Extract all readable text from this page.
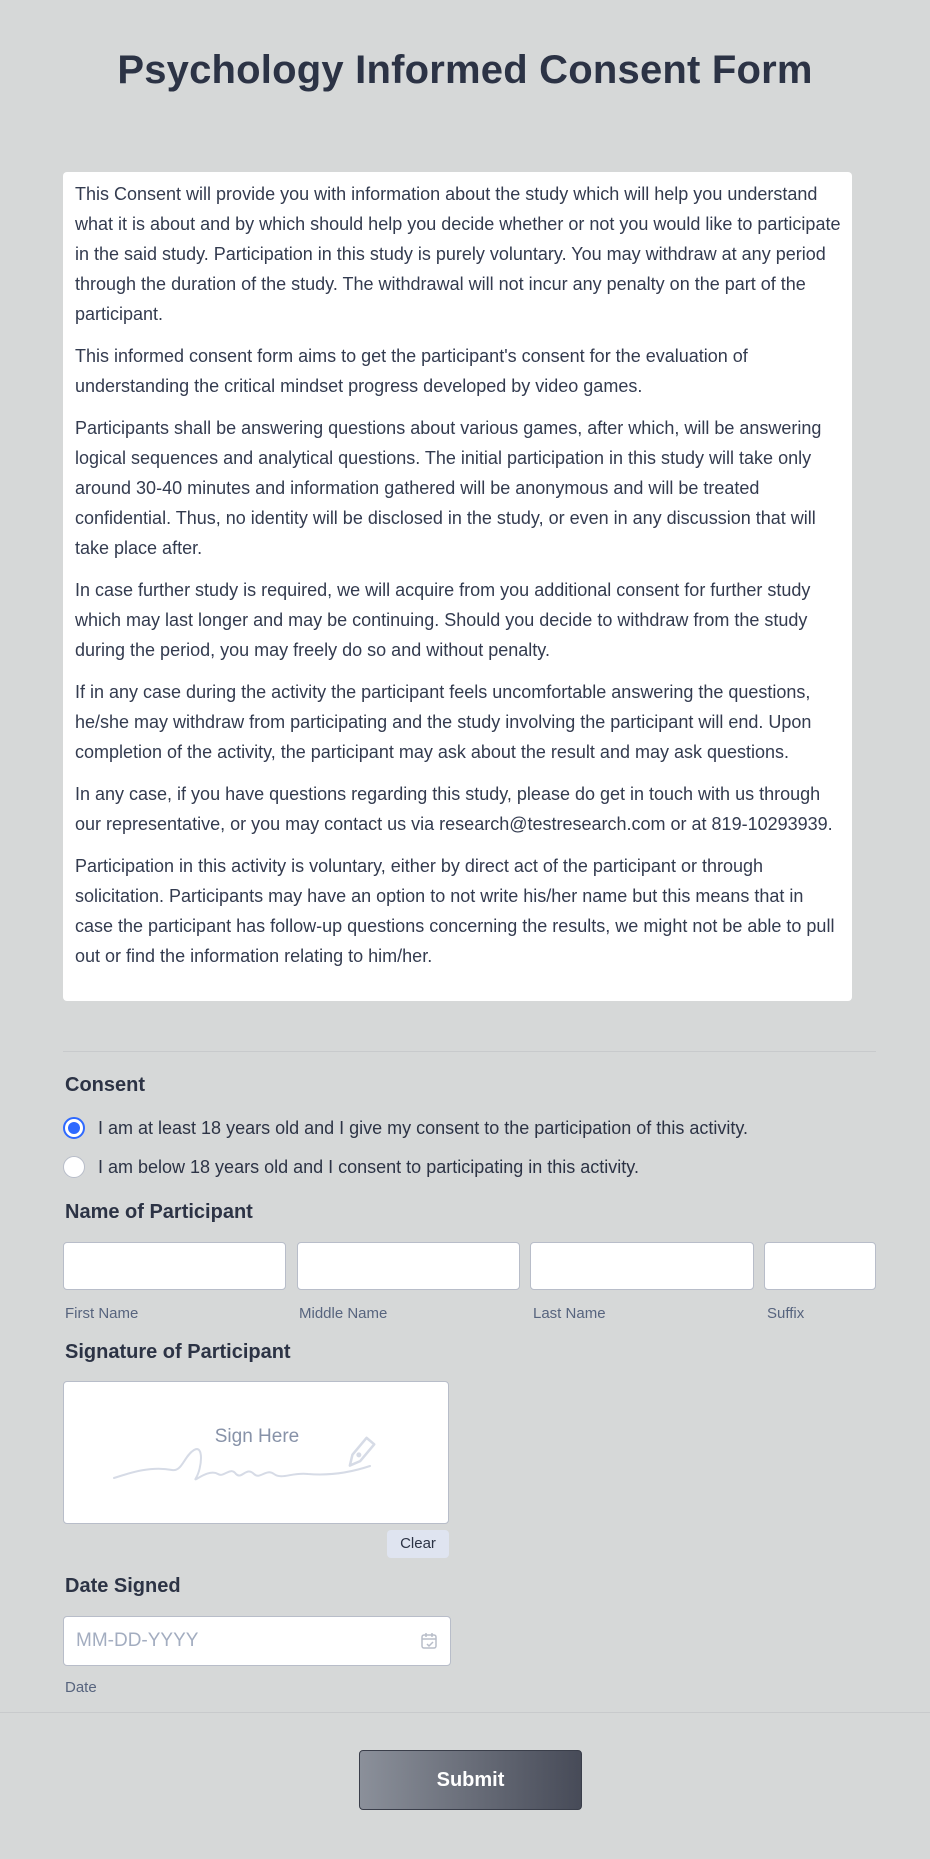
Psychology Informed Consent Form

This Consent will provide you with information about the study which will help you understand what it is about and by which should help you decide whether or not you would like to participate in the said study. Participation in this study is purely voluntary. You may withdraw at any period through the duration of the study. The withdrawal will not incur any penalty on the part of the participant.

This informed consent form aims to get the participant's consent for the evaluation of understanding the critical mindset progress developed by video games.

Participants shall be answering questions about various games, after which, will be answering logical sequences and analytical questions. The initial participation in this study will take only around 30-40 minutes and information gathered will be anonymous and will be treated confidential. Thus, no identity will be disclosed in the study, or even in any discussion that will take place after.

In case further study is required, we will acquire from you additional consent for further study which may last longer and may be continuing. Should you decide to withdraw from the study during the period, you may freely do so and without penalty.

If in any case during the activity the participant feels uncomfortable answering the questions, he/she may withdraw from participating and the study involving the participant will end. Upon completion of the activity, the participant may ask about the result and may ask questions.

In any case, if you have questions regarding this study, please do get in touch with us through our representative, or you may contact us via research@testresearch.com or at 819-10293939.

Participation in this activity is voluntary, either by direct act of the participant or through solicitation. Participants may have an option to not write his/her name but this means that in case the participant has follow-up questions concerning the results, we might not be able to pull out or find the information relating to him/her.

Consent
I am at least 18 years old and I give my consent to the participation of this activity.
I am below 18 years old and I consent to participating in this activity.
Name of Participant
First Name	Middle Name	Last Name	Suffix
Signature of Participant
Sign Here
Clear
Date Signed
MM-DD-YYYY
Date
Submit
